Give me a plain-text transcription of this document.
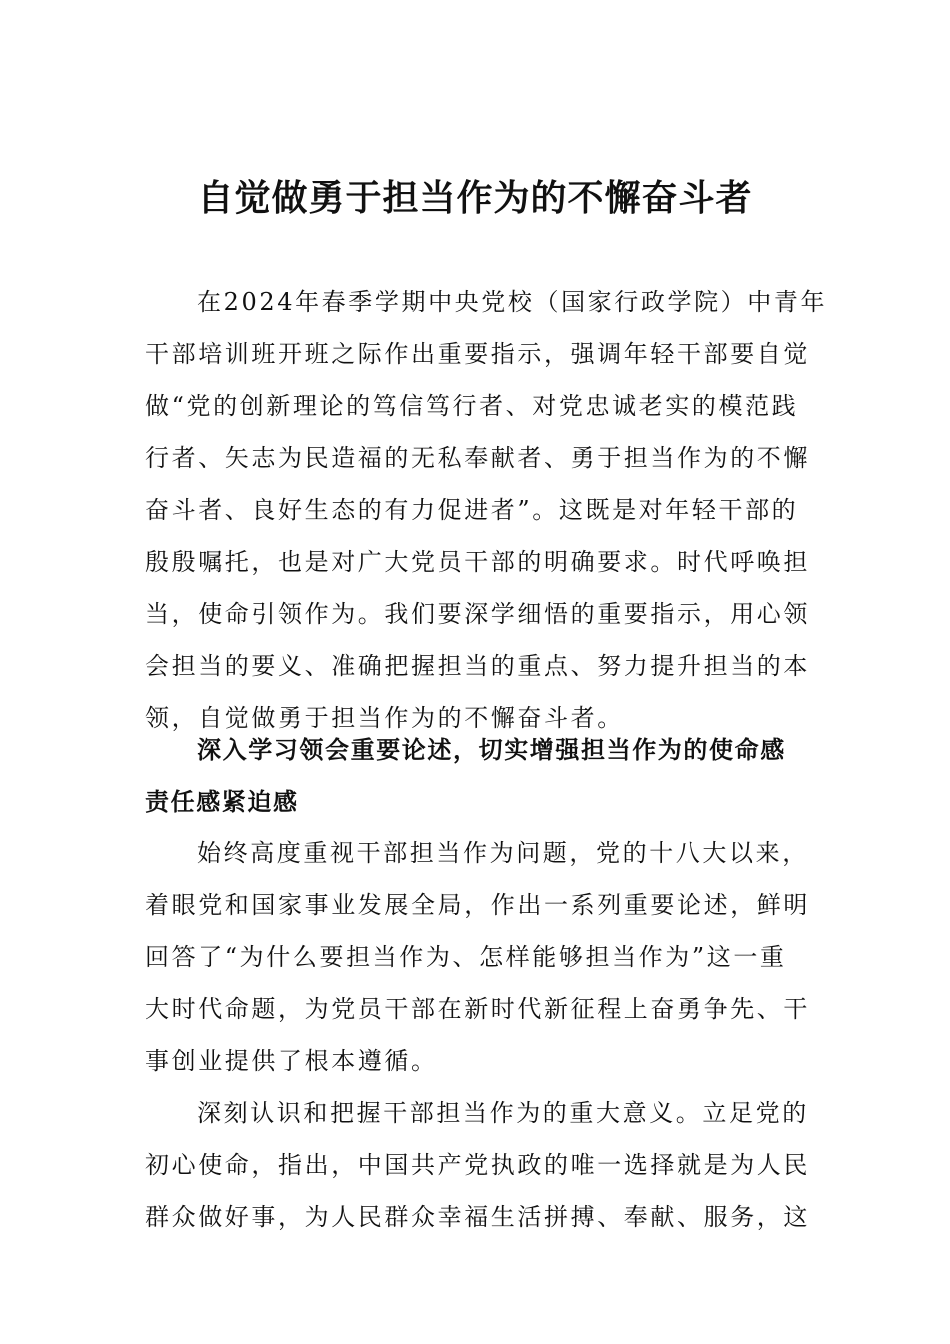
自觉做勇于担当作为的不懈奋斗者

在2024年春季学期中央党校（国家行政学院）中青年
干部培训班开班之际作出重要指示，强调年轻干部要自觉
做“党的创新理论的笃信笃行者、对党忠诚老实的模范践
行者、矢志为民造福的无私奉献者、勇于担当作为的不懈
奋斗者、良好生态的有力促进者”。这既是对年轻干部的
殷殷嘱托，也是对广大党员干部的明确要求。时代呼唤担
当，使命引领作为。我们要深学细悟的重要指示，用心领
会担当的要义、准确把握担当的重点、努力提升担当的本
领，自觉做勇于担当作为的不懈奋斗者。

深入学习领会重要论述，切实增强担当作为的使命感
责任感紧迫感

始终高度重视干部担当作为问题，党的十八大以来，
着眼党和国家事业发展全局，作出一系列重要论述，鲜明
回答了“为什么要担当作为、怎样能够担当作为”这一重
大时代命题，为党员干部在新时代新征程上奋勇争先、干
事创业提供了根本遵循。

深刻认识和把握干部担当作为的重大意义。立足党的
初心使命，指出，中国共产党执政的唯一选择就是为人民
群众做好事，为人民群众幸福生活拼搏、奉献、服务，这
